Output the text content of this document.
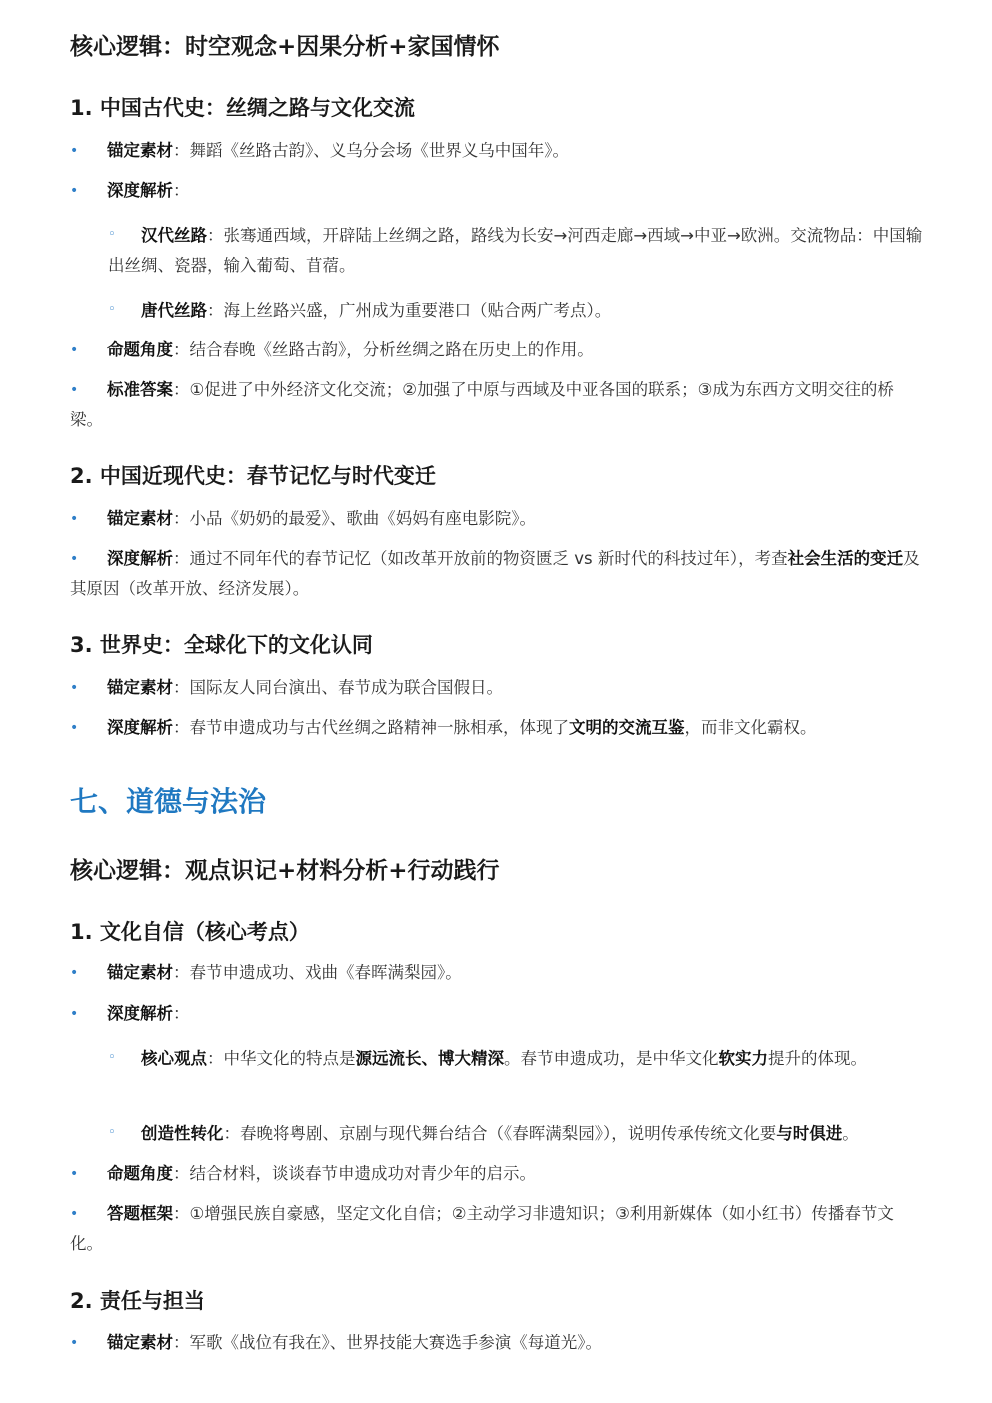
核心逻辑：时空观念+因果分析+家国情怀
1. 中国古代史：丝绸之路与文化交流
•	锚定素材：舞蹈《丝路古韵》、义乌分会场《世界义乌中国年》。
•	深度解析：
◦	汉代丝路：张骞通西域，开辟陆上丝绸之路，路线为长安→河西走廊→西域→中亚→欧洲。交流物品：中国输出丝绸、瓷器，输入葡萄、苜蓿。
◦	唐代丝路：海上丝路兴盛，广州成为重要港口（贴合两广考点）。
•	命题角度：结合春晚《丝路古韵》，分析丝绸之路在历史上的作用。
•	标准答案：①促进了中外经济文化交流；②加强了中原与西域及中亚各国的联系；③成为东西方文明交往的桥梁。
2. 中国近现代史：春节记忆与时代变迁
•	锚定素材：小品《奶奶的最爱》、歌曲《妈妈有座电影院》。
•	深度解析：通过不同年代的春节记忆（如改革开放前的物资匮乏 vs 新时代的科技过年），考查社会生活的变迁及其原因（改革开放、经济发展）。
3. 世界史：全球化下的文化认同
•	锚定素材：国际友人同台演出、春节成为联合国假日。
•	深度解析：春节申遗成功与古代丝绸之路精神一脉相承，体现了文明的交流互鉴，而非文化霸权。
七、道德与法治
核心逻辑：观点识记+材料分析+行动践行
1. 文化自信（核心考点）
•	锚定素材：春节申遗成功、戏曲《春晖满梨园》。
•	深度解析：
◦	核心观点：中华文化的特点是源远流长、博大精深。春节申遗成功，是中华文化软实力提升的体现。
◦	创造性转化：春晚将粤剧、京剧与现代舞台结合（《春晖满梨园》），说明传承传统文化要与时俱进。
•	命题角度：结合材料，谈谈春节申遗成功对青少年的启示。
•	答题框架：①增强民族自豪感，坚定文化自信；②主动学习非遗知识；③利用新媒体（如小红书）传播春节文化。
2. 责任与担当
•	锚定素材：军歌《战位有我在》、世界技能大赛选手参演《每道光》。
